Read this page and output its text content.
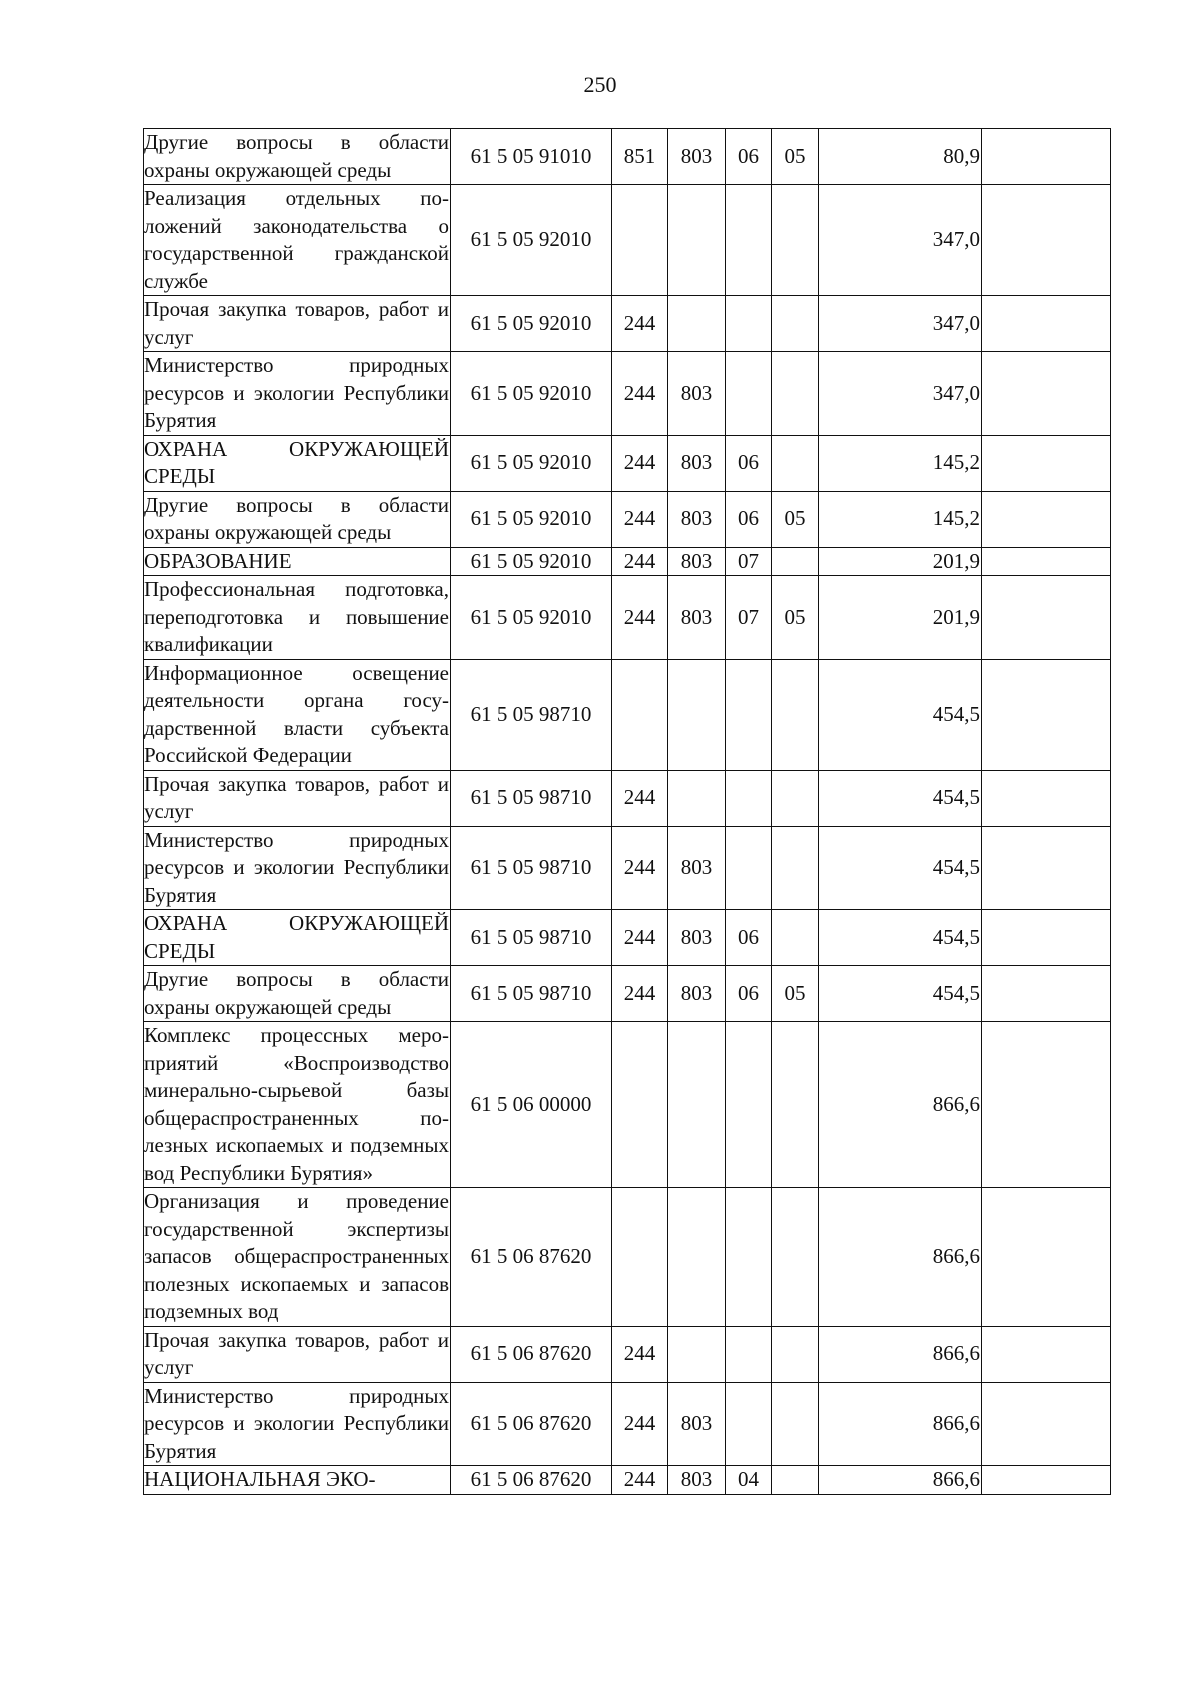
250
Другие вопросы в области охраны окружающей среды	61 5 05 91010	851	803	06	05	80,9	
Реализация отдельных положений законодательства о государственной гражданской службе	61 5 05 92010					347,0	
Прочая закупка товаров, работ и услуг	61 5 05 92010	244				347,0	
Министерство природных ресурсов и экологии Республики Бурятия	61 5 05 92010	244	803			347,0	
ОХРАНА ОКРУЖАЮЩЕЙ СРЕДЫ	61 5 05 92010	244	803	06		145,2	
Другие вопросы в области охраны окружающей среды	61 5 05 92010	244	803	06	05	145,2	
ОБРАЗОВАНИЕ	61 5 05 92010	244	803	07		201,9	
Профессиональная подготовка, переподготовка и повышение квалификации	61 5 05 92010	244	803	07	05	201,9	
Информационное освещение деятельности органа государственной власти субъекта Российской Федерации	61 5 05 98710					454,5	
Прочая закупка товаров, работ и услуг	61 5 05 98710	244				454,5	
Министерство природных ресурсов и экологии Республики Бурятия	61 5 05 98710	244	803			454,5	
ОХРАНА ОКРУЖАЮЩЕЙ СРЕДЫ	61 5 05 98710	244	803	06		454,5	
Другие вопросы в области охраны окружающей среды	61 5 05 98710	244	803	06	05	454,5	
Комплекс процессных мероприятий «Воспроизводство минерально-сырьевой базы общераспространенных полезных ископаемых и подземных вод Республики Бурятия»	61 5 06 00000					866,6	
Организация и проведение государственной экспертизы запасов общераспространенных полезных ископаемых и запасов подземных вод	61 5 06 87620					866,6	
Прочая закупка товаров, работ и услуг	61 5 06 87620	244				866,6	
Министерство природных ресурсов и экологии Республики Бурятия	61 5 06 87620	244	803			866,6	
НАЦИОНАЛЬНАЯ ЭКО-	61 5 06 87620	244	803	04		866,6	
